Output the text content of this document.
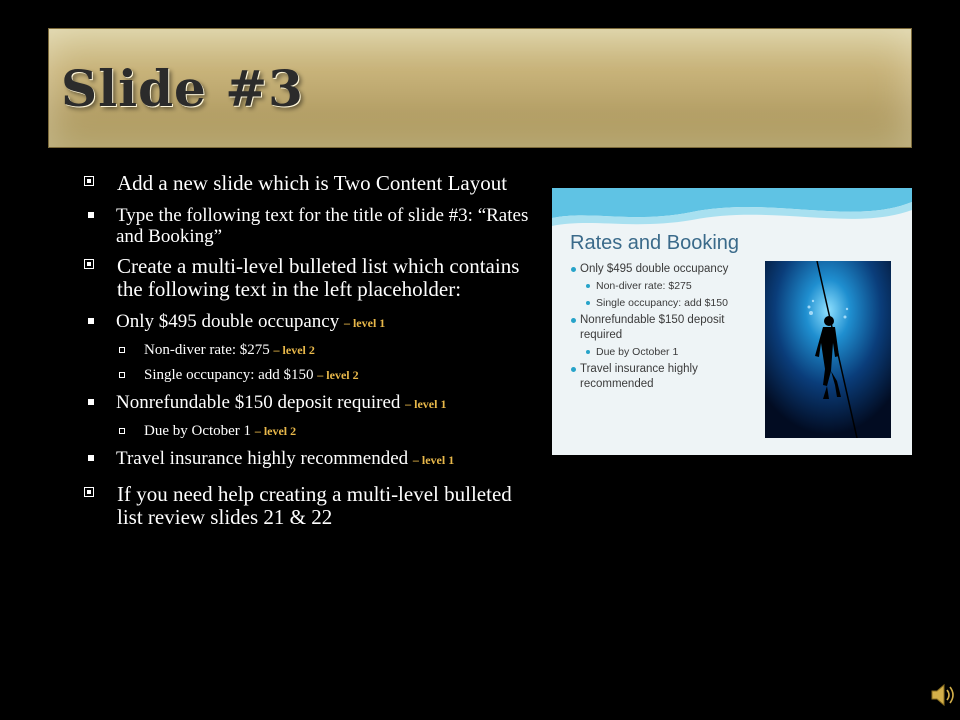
Slide #3

Add a new slide which is Two Content Layout

Type the following text for the title of slide #3: “Rates and Booking”

Create a multi-level bulleted list which contains the following text in the left placeholder:

Only $495 double occupancy – level 1

Non-diver rate: $275 – level 2

Single occupancy: add $150 – level 2

Nonrefundable $150 deposit required – level 1

Due by October 1 – level 2

Travel insurance highly recommended – level 1

If you need help creating a multi-level bulleted list review slides 21 & 22

Rates and Booking
Only $495 double occupancy
Non-diver rate: $275
Single occupancy: add $150
Nonrefundable $150 deposit required
Due by October 1
Travel insurance highly recommended
